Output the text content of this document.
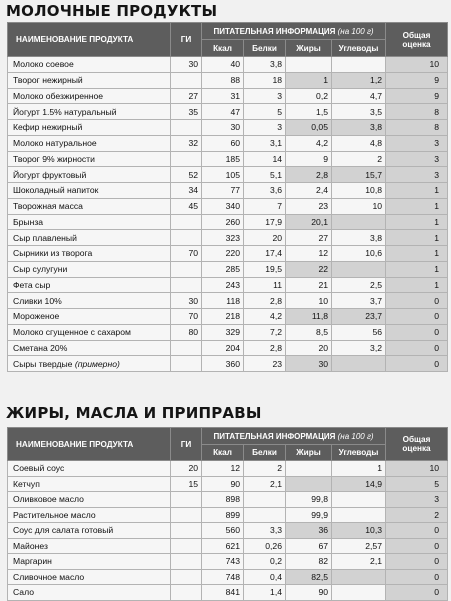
МОЛОЧНЫЕ ПРОДУКТЫ
НАИМЕНОВАНИЕ ПРОДУКТА	ГИ	ПИТАТЕЛЬНАЯ ИНФОРМАЦИЯ (на 100 г)				Общая
оценка

		Ккал	Белки	Жиры	Углеводы	
Молоко соевое	30	40	3,8			10
Творог нежирный		88	18	1	1,2	9
Молоко обезжиренное	27	31	3	0,2	4,7	9
Йогурт 1.5% натуральный	35	47	5	1,5	3,5	8
Кефир нежирный		30	3	0,05	3,8	8
Молоко натуральное	32	60	3,1	4,2	4,8	3
Творог 9% жирности		185	14	9	2	3
Йогурт фруктовый	52	105	5,1	2,8	15,7	3
Шоколадный напиток	34	77	3,6	2,4	10,8	1
Творожная масса	45	340	7	23	10	1
Брынза		260	17,9	20,1		1
Сыр плавленый		323	20	27	3,8	1
Сырники из творога	70	220	17,4	12	10,6	1
Сыр сулугуни		285	19,5	22		1
Фета сыр		243	11	21	2,5	1
Сливки 10%	30	118	2,8	10	3,7	0
Мороженое	70	218	4,2	11,8	23,7	0
Молоко сгущенное с сахаром	80	329	7,2	8,5	56	0
Сметана 20%		204	2,8	20	3,2	0
Сыры твердые (примерно)		360	23	30		0
ЖИРЫ, МАСЛА И ПРИПРАВЫ
НАИМЕНОВАНИЕ ПРОДУКТА	ГИ	ПИТАТЕЛЬНАЯ ИНФОРМАЦИЯ (на 100 г)				Общая
оценка

		Ккал	Белки	Жиры	Углеводы	
Соевый соус	20	12	2		1	10
Кетчуп	15	90	2,1		14,9	5
Оливковое масло		898		99,8		3
Растительное масло		899		99,9		2
Соус для салата готовый		560	3,3	36	10,3	0
Майонез		621	0,26	67	2,57	0
Маргарин		743	0,2	82	2,1	0
Сливочное масло		748	0,4	82,5		0
Сало		841	1,4	90		0
